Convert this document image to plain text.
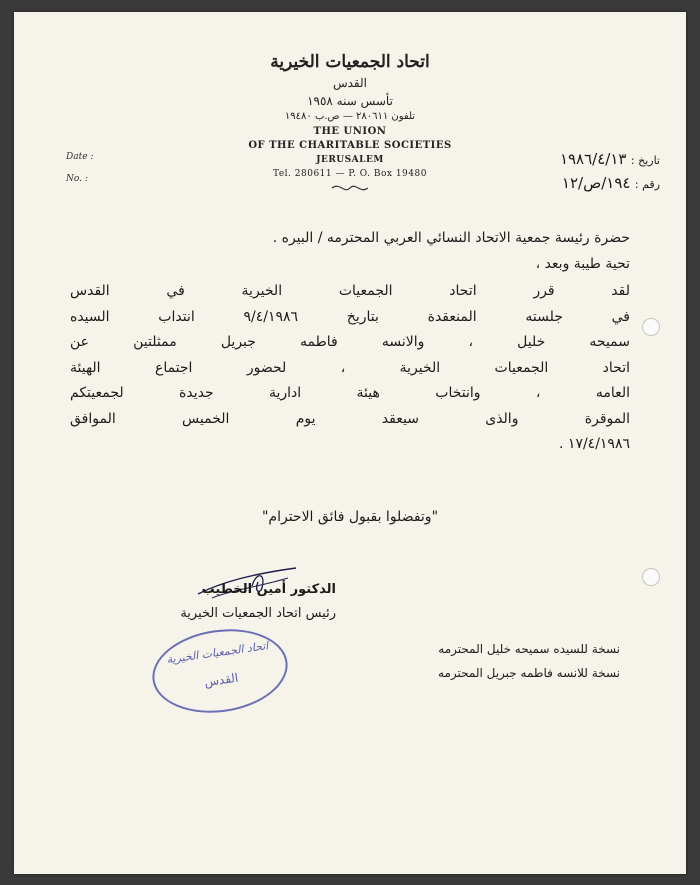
اتحاد الجمعيات الخيرية
القدس
تأسس سنه ١٩٥٨
تلفون ٢٨٠٦١١ — ص.ب ١٩٤٨٠
THE UNION
OF THE CHARITABLE SOCIETIES
JERUSALEM
Tel. 280611 — P. O. Box 19480
Date :
No. :
تاريخ : ١٩٨٦/٤/١٣
رقم : ١٩٤/ص/١٢
حضرة رئيسة جمعية الاتحاد النسائي العربي المحترمه / البيره .
تحية طيبة وبعد ،
لقد قرر اتحاد الجمعيات الخيرية في القدس
في جلسته المنعقدة بتاريخ ٩/٤/١٩٨٦ انتداب السيده
سميحه خليل ، والانسه فاطمه جبريل ممثلتين عن
اتحاد الجمعيات الخيرية ، لحضور اجتماع الهيئة
العامه ، وانتخاب هيئة ادارية جديدة لجمعيتكم
الموقرة والذى سيعقد يوم الخميس الموافق
١٧/٤/١٩٨٦ .
"وتفضلوا بقبول فائق الاحترام"
الدكتور أمين الخطيب
رئيس اتحاد الجمعيات الخيرية
اتحاد الجمعيات الخيرية
القدس
نسخة للسيده سميحه خليل المحترمه
نسخة للانسه فاطمه جبريل المحترمه
